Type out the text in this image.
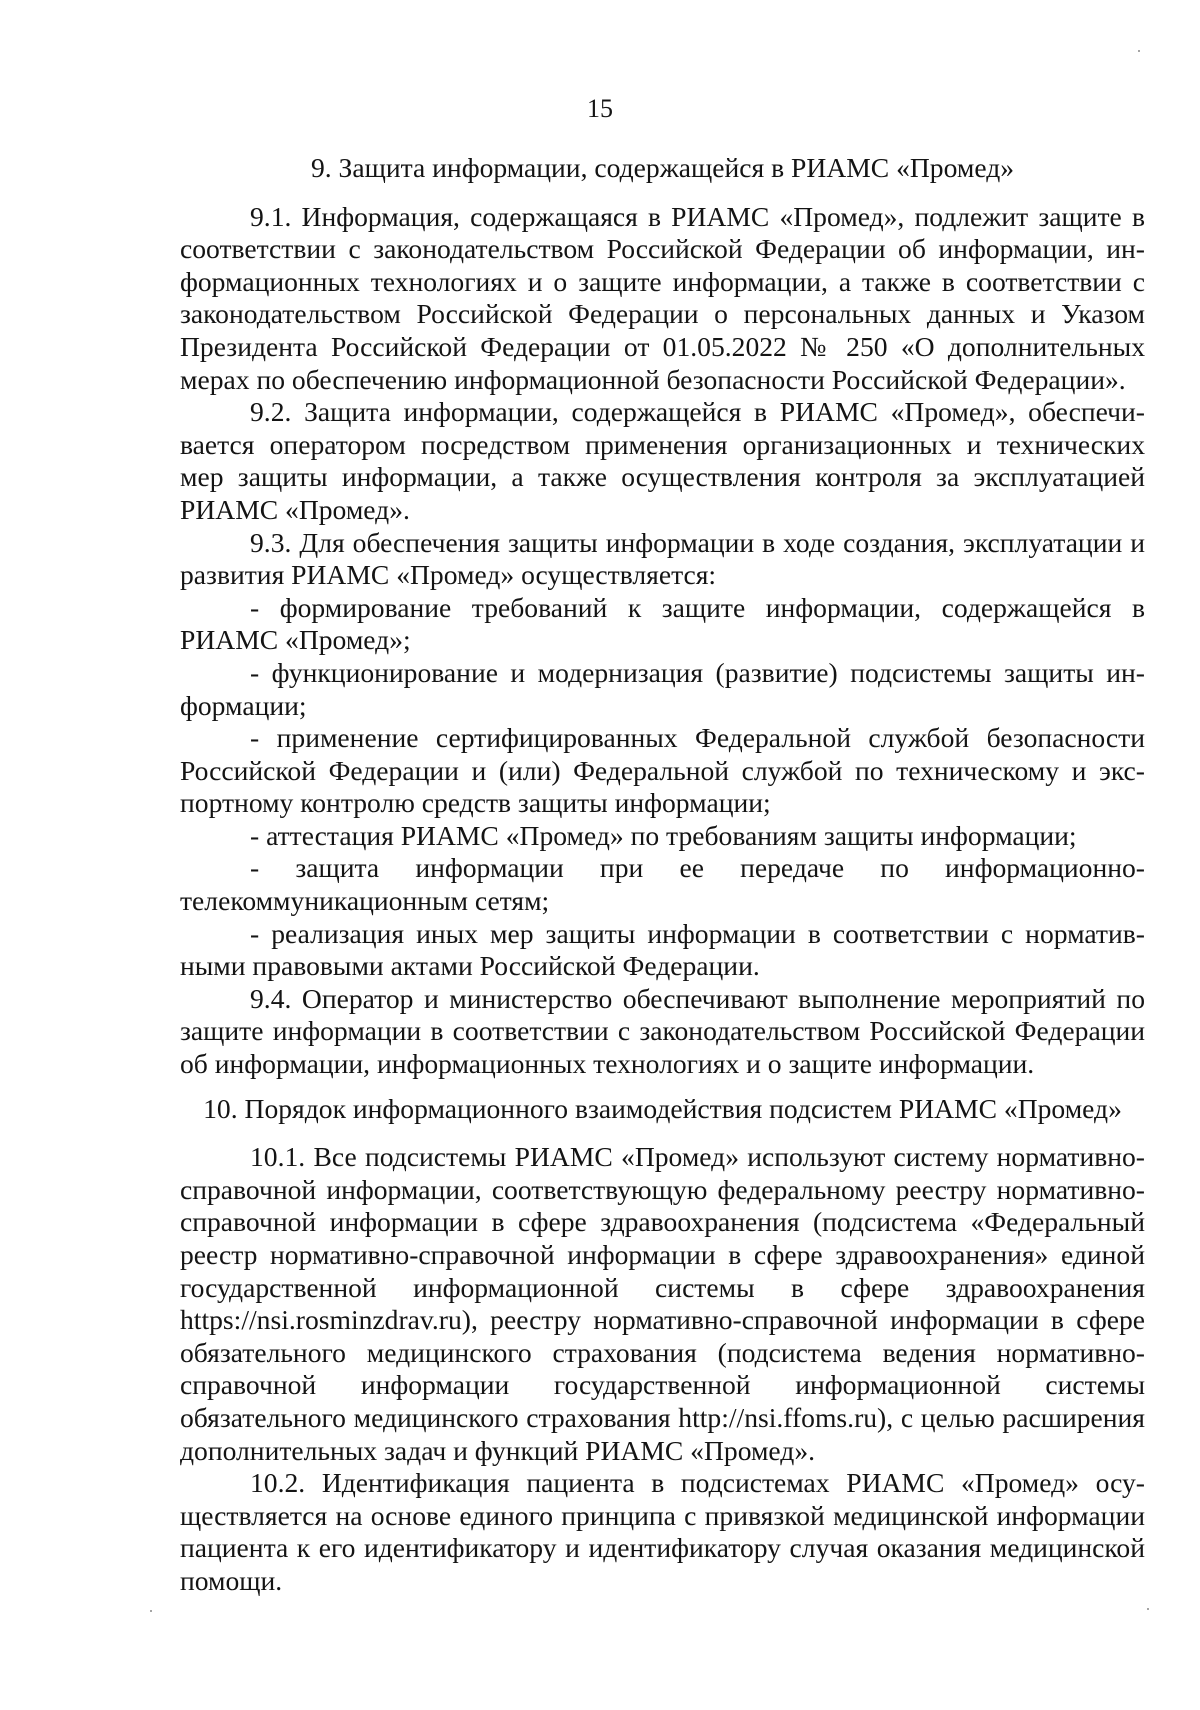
15
9. Защита информации, содержащейся в РИАМС «Промед»

9.1. Информация, содержащаяся в РИАМС «Промед», подлежит защите в соответствии с законодательством Российской Федерации об информации, информационных технологиях и о защите информации, а также в соответствии с законодательством Российской Федерации о персональных данных и Указом Президента Российской Федерации от 01.05.2022 № 250 «О дополнительных мерах по обеспечению информационной безопасности Российской Федерации».

9.2. Защита информации, содержащейся в РИАМС «Промед», обеспечивается оператором посредством применения организационных и технических мер защиты информации, а также осуществления контроля за эксплуатацией РИАМС «Промед».

9.3. Для обеспечения защиты информации в ходе создания, эксплуатации и развития РИАМС «Промед» осуществляется:

- формирование требований к защите информации, содержащейся в РИАМС «Промед»;

- функционирование и модернизация (развитие) подсистемы защиты информации;

- применение сертифицированных Федеральной службой безопасности Российской Федерации и (или) Федеральной службой по техническому и экспортному контролю средств защиты информации;

- аттестация РИАМС «Промед» по требованиям защиты информации;

- защита информации при ее передаче по информационно-телекоммуникационным сетям;

- реализация иных мер защиты информации в соответствии с нормативными правовыми актами Российской Федерации.

9.4. Оператор и министерство обеспечивают выполнение мероприятий по защите информации в соответствии с законодательством Российской Федерации об информации, информационных технологиях и о защите информации.

10. Порядок информационного взаимодействия подсистем РИАМС «Промед»

10.1. Все подсистемы РИАМС «Промед» используют систему нормативно-справочной информации, соответствующую федеральному реестру нормативно-справочной информации в сфере здравоохранения (подсистема «Федеральный реестр нормативно-справочной информации в сфере здравоохранения» единой государственной информационной системы в сфере здравоохранения https://nsi.rosminzdrav.ru), реестру нормативно-справочной информации в сфере обязательного медицинского страхования (подсистема ведения нормативно-справочной информации государственной информационной системы обязательного медицинского страхования http://nsi.ffoms.ru), с целью расширения дополнительных задач и функций РИАМС «Промед».

10.2. Идентификация пациента в подсистемах РИАМС «Промед» осуществляется на основе единого принципа с привязкой медицинской информации пациента к его идентификатору и идентификатору случая оказания медицинской помощи.
